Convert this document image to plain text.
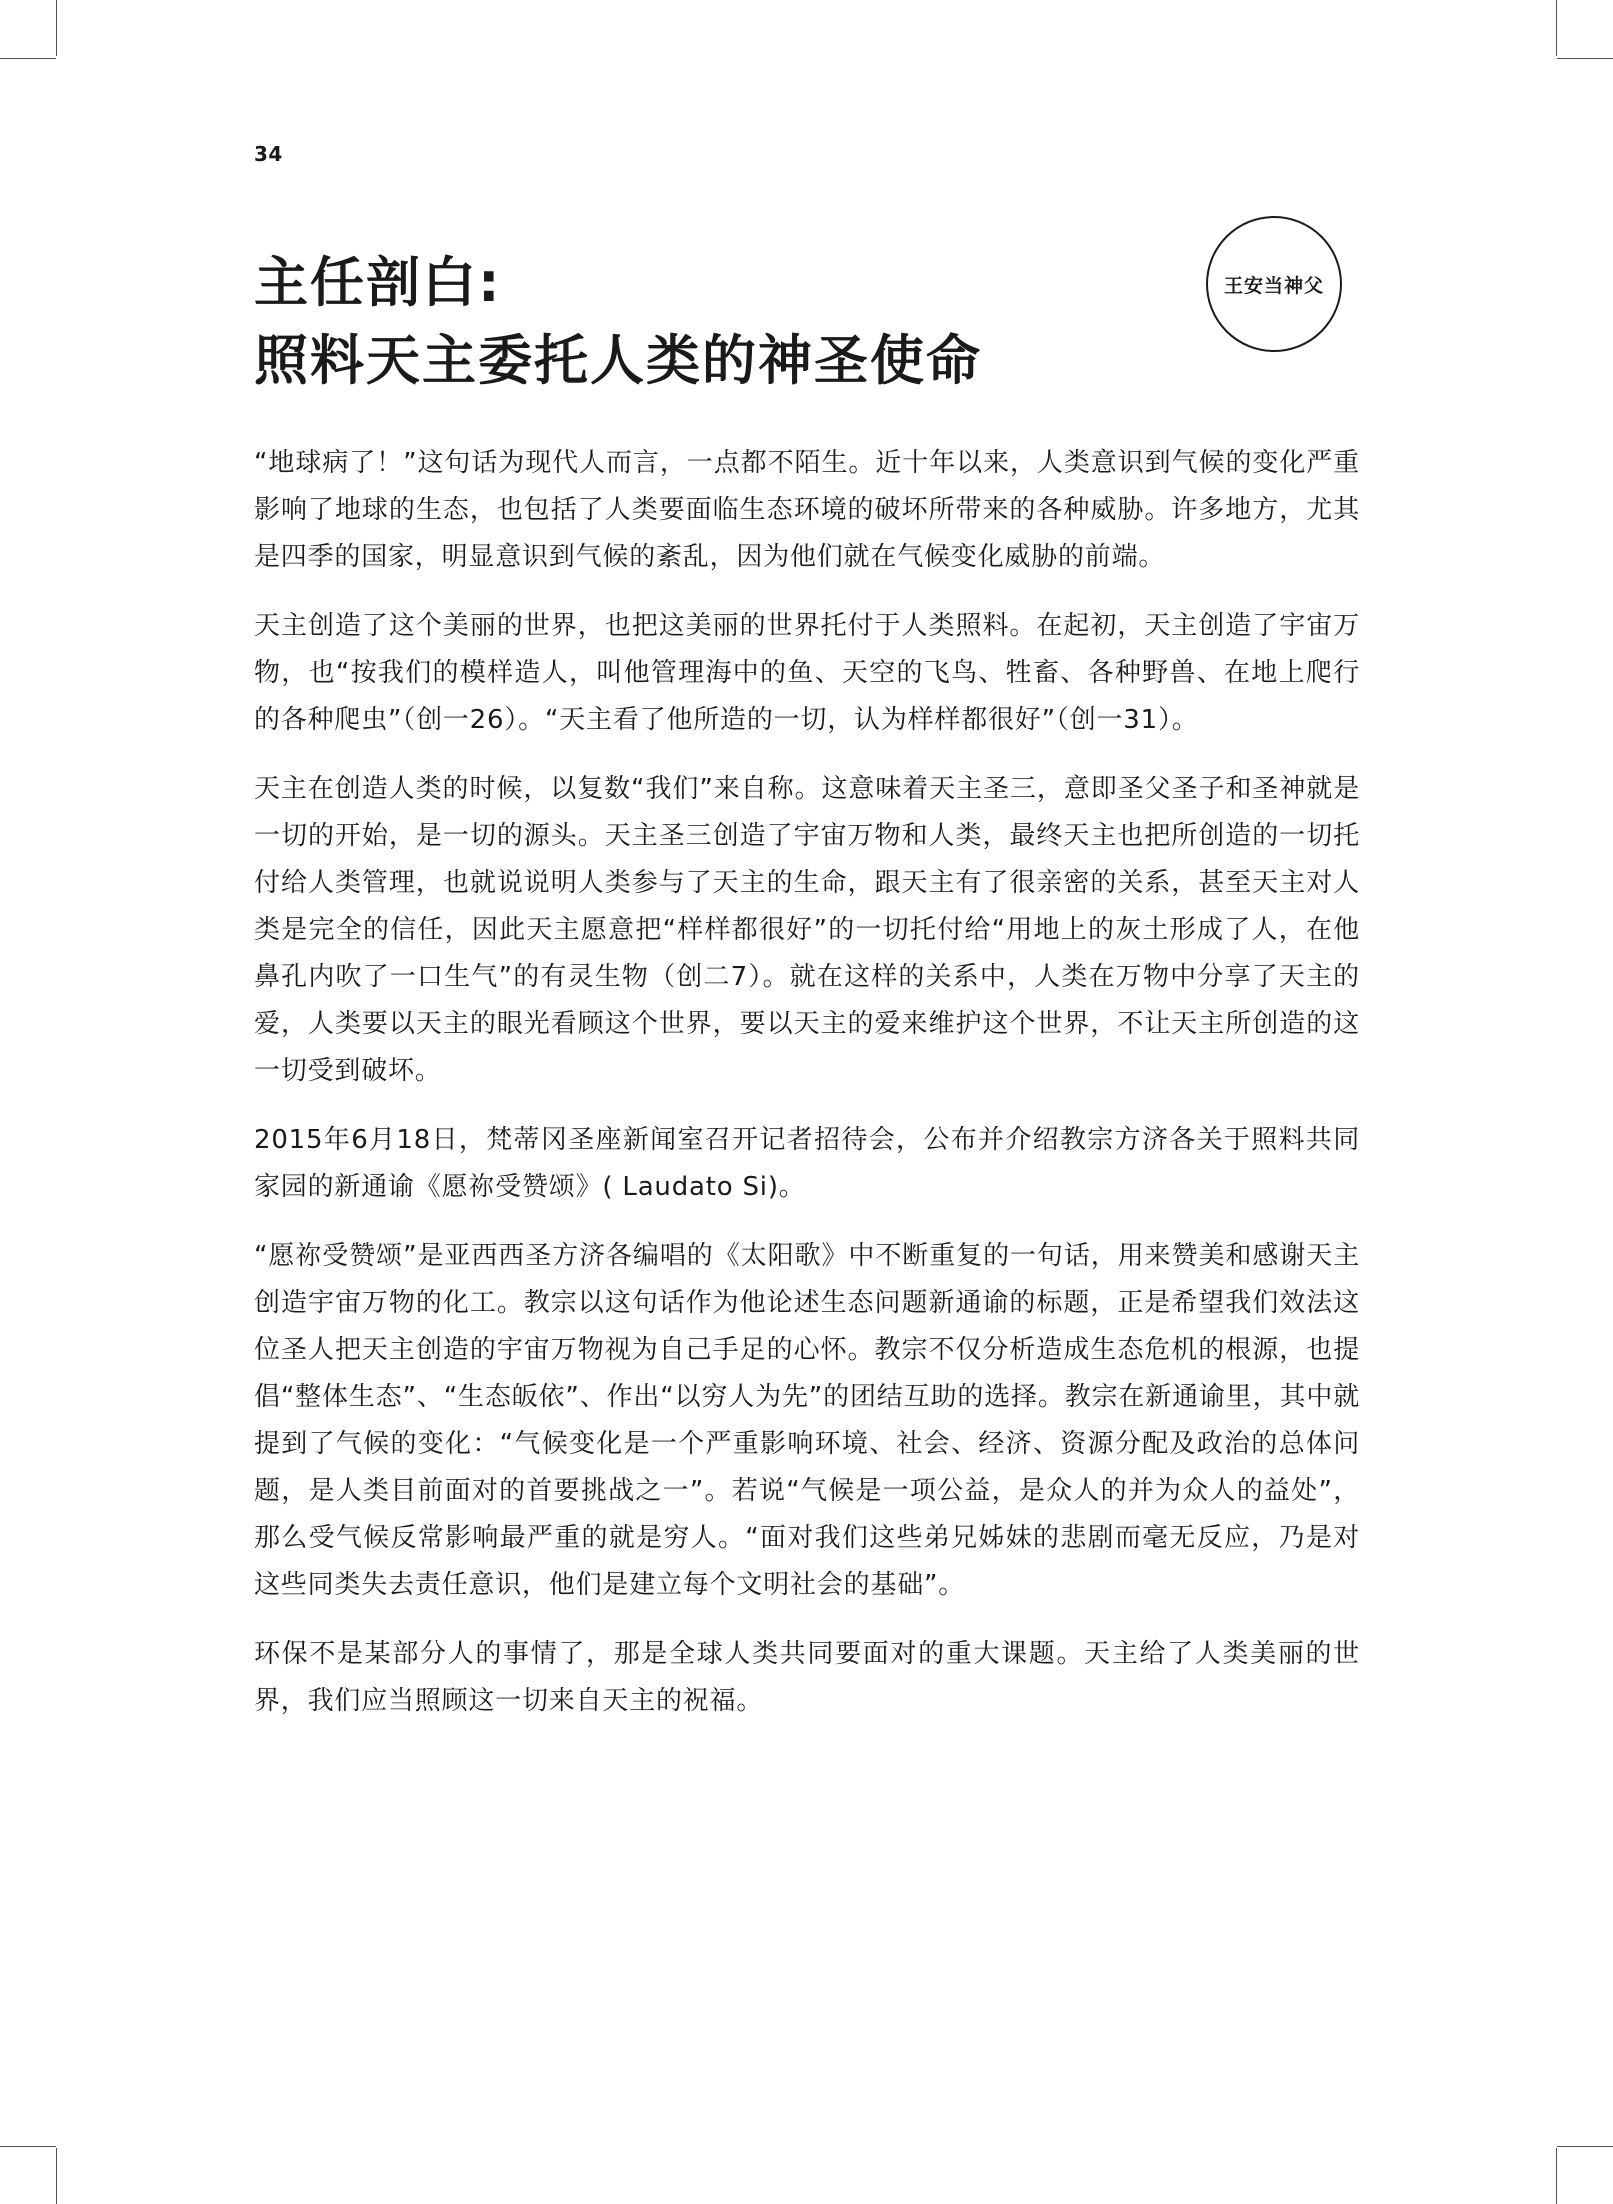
34
主任剖白:
照料天主委托人类的神圣使命
王安当神父

“地球病了！”这句话为现代人而言，一点都不陌生。近十年以来，人类意识到气候的变化严重影响了地球的生态，也包括了人类要面临生态环境的破坏所带来的各种威胁。许多地方，尤其是四季的国家，明显意识到气候的紊乱，因为他们就在气候变化威胁的前端。

天主创造了这个美丽的世界，也把这美丽的世界托付于人类照料。在起初，天主创造了宇宙万物，也“按我们的模样造人，叫他管理海中的鱼、天空的飞鸟、牲畜、各种野兽、在地上爬行的各种爬虫”（创一26）。“天主看了他所造的一切，认为样样都很好”（创一31）。

天主在创造人类的时候，以复数“我们”来自称。这意味着天主圣三，意即圣父圣子和圣神就是一切的开始，是一切的源头。天主圣三创造了宇宙万物和人类，最终天主也把所创造的一切托付给人类管理，也就说说明人类参与了天主的生命，跟天主有了很亲密的关系，甚至天主对人类是完全的信任，因此天主愿意把“样样都很好”的一切托付给“用地上的灰土形成了人，在他鼻孔内吹了一口生气”的有灵生物（创二7）。就在这样的关系中，人类在万物中分享了天主的爱，人类要以天主的眼光看顾这个世界，要以天主的爱来维护这个世界，不让天主所创造的这一切受到破坏。

2015年6月18日，梵蒂冈圣座新闻室召开记者招待会，公布并介绍教宗方济各关于照料共同家园的新通谕《愿祢受赞颂》( Laudato Si)。

“愿祢受赞颂”是亚西西圣方济各编唱的《太阳歌》中不断重复的一句话，用来赞美和感谢天主创造宇宙万物的化工。教宗以这句话作为他论述生态问题新通谕的标题，正是希望我们效法这位圣人把天主创造的宇宙万物视为自己手足的心怀。教宗不仅分析造成生态危机的根源，也提倡“整体生态”、“生态皈依”、作出“以穷人为先”的团结互助的选择。教宗在新通谕里，其中就提到了气候的变化：“气候变化是一个严重影响环境、社会、经济、资源分配及政治的总体问题，是人类目前面对的首要挑战之一”。若说“气候是一项公益，是众人的并为众人的益处”，那么受气候反常影响最严重的就是穷人。“面对我们这些弟兄姊妹的悲剧而毫无反应，乃是对这些同类失去责任意识，他们是建立每个文明社会的基础”。

环保不是某部分人的事情了，那是全球人类共同要面对的重大课题。天主给了人类美丽的世界，我们应当照顾这一切来自天主的祝福。
